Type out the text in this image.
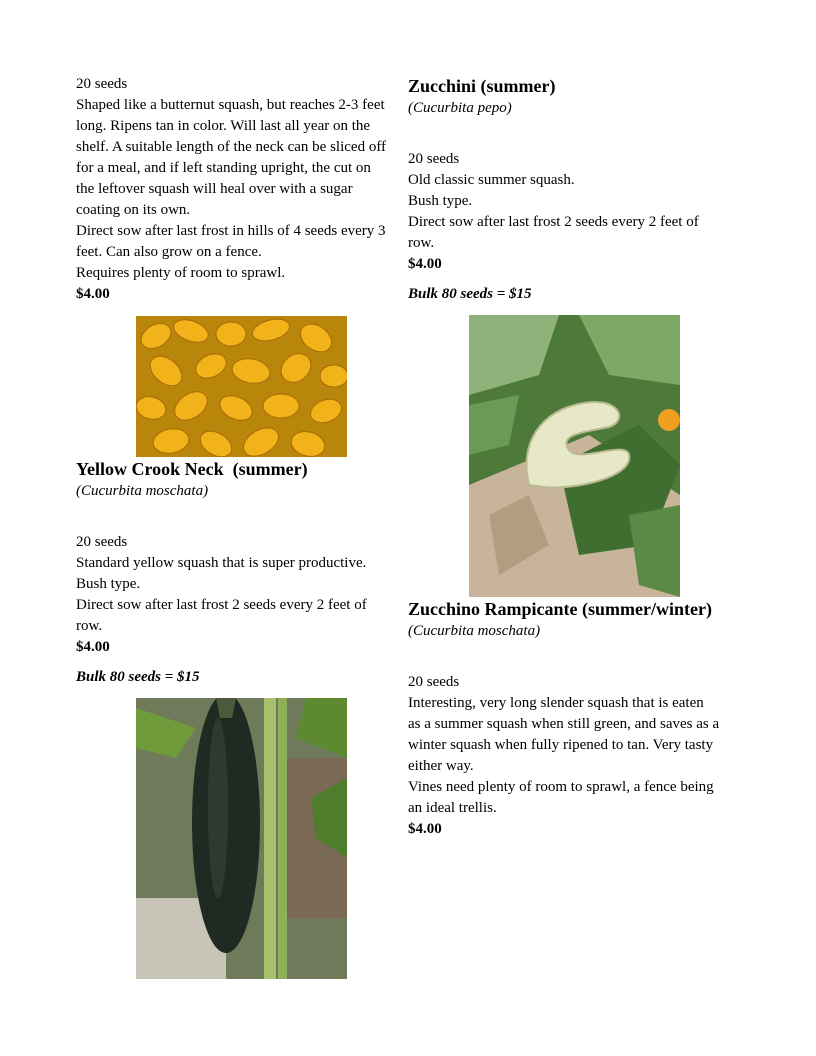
20 seeds
Shaped like a butternut squash, but reaches 2-3 feet
long. Ripens tan in color. Will last all year on the
shelf. A suitable length of the neck can be sliced off
for a meal, and if left standing upright, the cut on
the leftover squash will heal over with a sugar
coating on its own.
Direct sow after last frost in hills of 4 seeds every 3
feet. Can also grow on a fence.
Requires plenty of room to sprawl.
$4.00
Yellow Crook Neck  (summer)
(Cucurbita moschata)
20 seeds
Standard yellow squash that is super productive.
Bush type.
Direct sow after last frost 2 seeds every 2 feet of
row.
$4.00
Bulk 80 seeds = $15
Zucchini (summer)
(Cucurbita pepo)
20 seeds
Old classic summer squash.
Bush type.
Direct sow after last frost 2 seeds every 2 feet of
row.
$4.00
Bulk 80 seeds = $15
Zucchino Rampicante (summer/winter)
(Cucurbita moschata)
20 seeds
Interesting, very long slender squash that is eaten
as a summer squash when still green, and saves as a
winter squash when fully ripened to tan. Very tasty
either way.
Vines need plenty of room to sprawl, a fence being
an ideal trellis.
$4.00
